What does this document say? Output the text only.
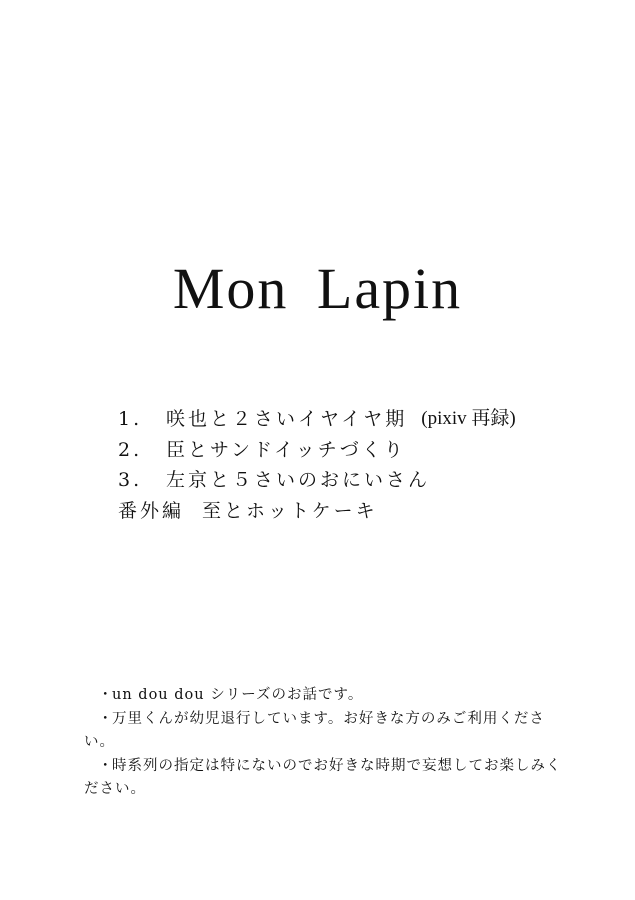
Mon Lapin
1.	咲也と２さいイヤイヤ期 (pixiv 再録)
2.	臣とサンドイッチづくり
3.	左京と５さいのおにいさん
番外編 至とホットケーキ
・un dou dou シリーズのお話です。
・万里くんが幼児退行しています。お好きな方のみご利用ください。
・時系列の指定は特にないのでお好きな時期で妄想してお楽しみください。
